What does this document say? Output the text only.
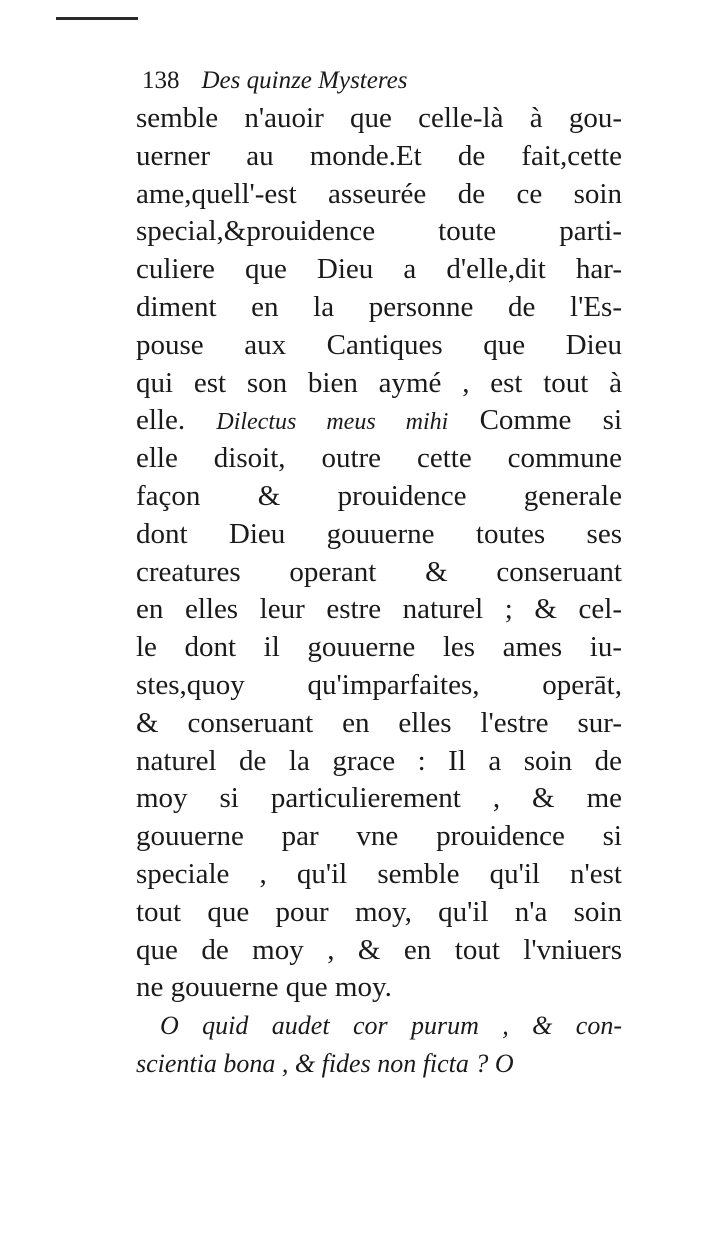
138 Des quinze Mysteres
semble n'auoir que celle-là à gou-
uerner au monde.Et de fait,cette
ame,quell'-est asseurée de ce soin
special,&prouidence toute parti-
culiere que Dieu a d'elle,dit har-
diment en la personne de l'Es-
pouse aux Cantiques que Dieu
qui est son bien aymé , est tout à
elle. Dilectus meus mihi Comme si
elle disoit, outre cette commune
façon & prouidence generale
dont Dieu gouuerne toutes ses
creatures operant & conseruant
en elles leur estre naturel ; & cel-
le dont il gouuerne les ames iu-
stes,quoy qu'imparfaites, operāt,
& conseruant en elles l'estre sur-
naturel de la grace : Il a soin de
moy si particulierement , & me
gouuerne par vne prouidence si
speciale , qu'il semble qu'il n'est
tout que pour moy, qu'il n'a soin
que de moy , & en tout l'vniuers
ne gouuerne que moy.
O quid audet cor purum , & con-
scientia bona , & fides non ficta ? O
